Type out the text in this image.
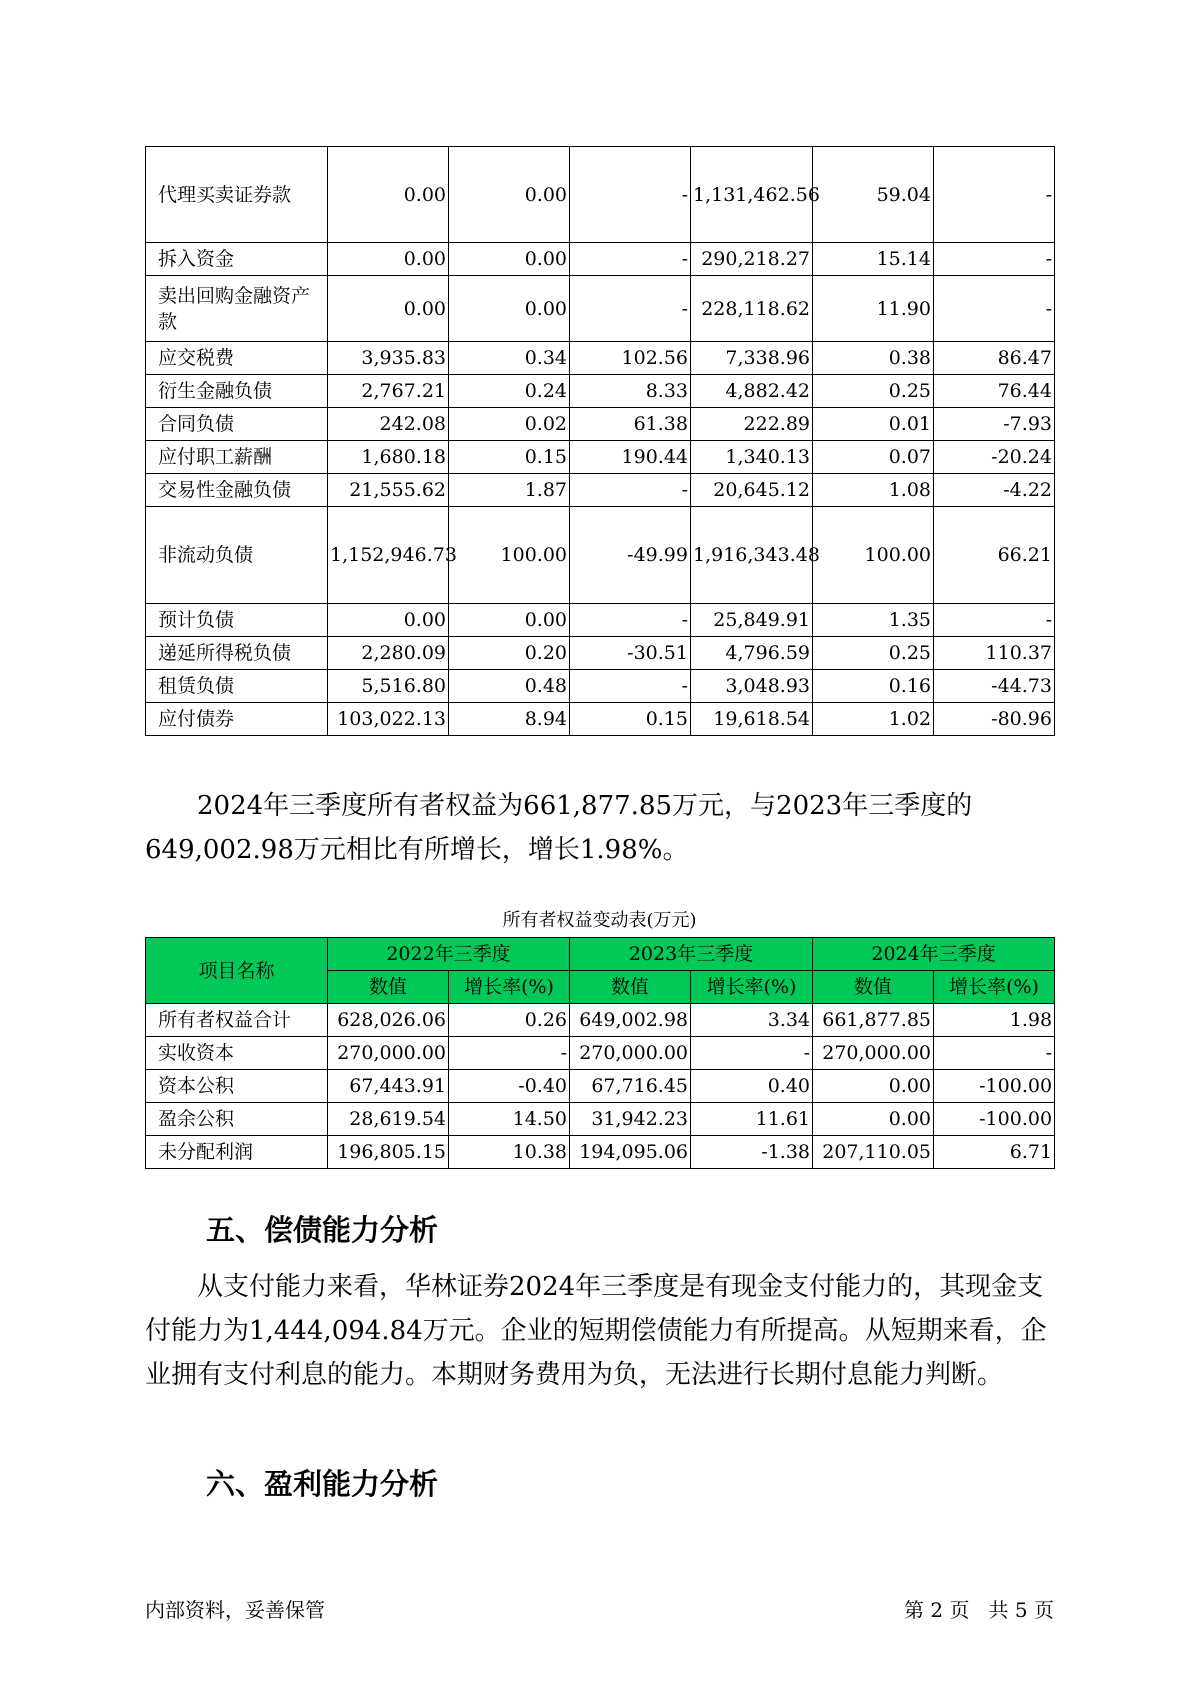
代理买卖证券款	0.00	0.00	-	1,131,462.56	59.04	-
拆入资金	0.00	0.00	-	290,218.27	15.14	-
卖出回购金融资产款	0.00	0.00	-	228,118.62	11.90	-
应交税费	3,935.83	0.34	102.56	7,338.96	0.38	86.47
衍生金融负债	2,767.21	0.24	8.33	4,882.42	0.25	76.44
合同负债	242.08	0.02	61.38	222.89	0.01	-7.93
应付职工薪酬	1,680.18	0.15	190.44	1,340.13	0.07	-20.24
交易性金融负债	21,555.62	1.87	-	20,645.12	1.08	-4.22
非流动负债	1,152,946.73	100.00	-49.99	1,916,343.48	100.00	66.21
预计负债	0.00	0.00	-	25,849.91	1.35	-
递延所得税负债	2,280.09	0.20	-30.51	4,796.59	0.25	110.37
租赁负债	5,516.80	0.48	-	3,048.93	0.16	-44.73
应付债券	103,022.13	8.94	0.15	19,618.54	1.02	-80.96

2024年三季度所有者权益为661,877.85万元，与2023年三季度的649,002.98万元相比有所增长，增长1.98%。

所有者权益变动表(万元)

项目名称	2022年三季度		2023年三季度		2024年三季度	
	数值	增长率(%)	数值	增长率(%)	数值	增长率(%)
所有者权益合计	628,026.06	0.26	649,002.98	3.34	661,877.85	1.98
实收资本	270,000.00	-	270,000.00	-	270,000.00	-
资本公积	67,443.91	-0.40	67,716.45	0.40	0.00	-100.00
盈余公积	28,619.54	14.50	31,942.23	11.61	0.00	-100.00
未分配利润	196,805.15	10.38	194,095.06	-1.38	207,110.05	6.71
五、偿债能力分析

从支付能力来看，华林证券2024年三季度是有现金支付能力的，其现金支付能力为1,444,094.84万元。企业的短期偿债能力有所提高。从短期来看，企业拥有支付利息的能力。本期财务费用为负，无法进行长期付息能力判断。

六、盈利能力分析
内部资料，妥善保管	第 2 页   共 5 页
